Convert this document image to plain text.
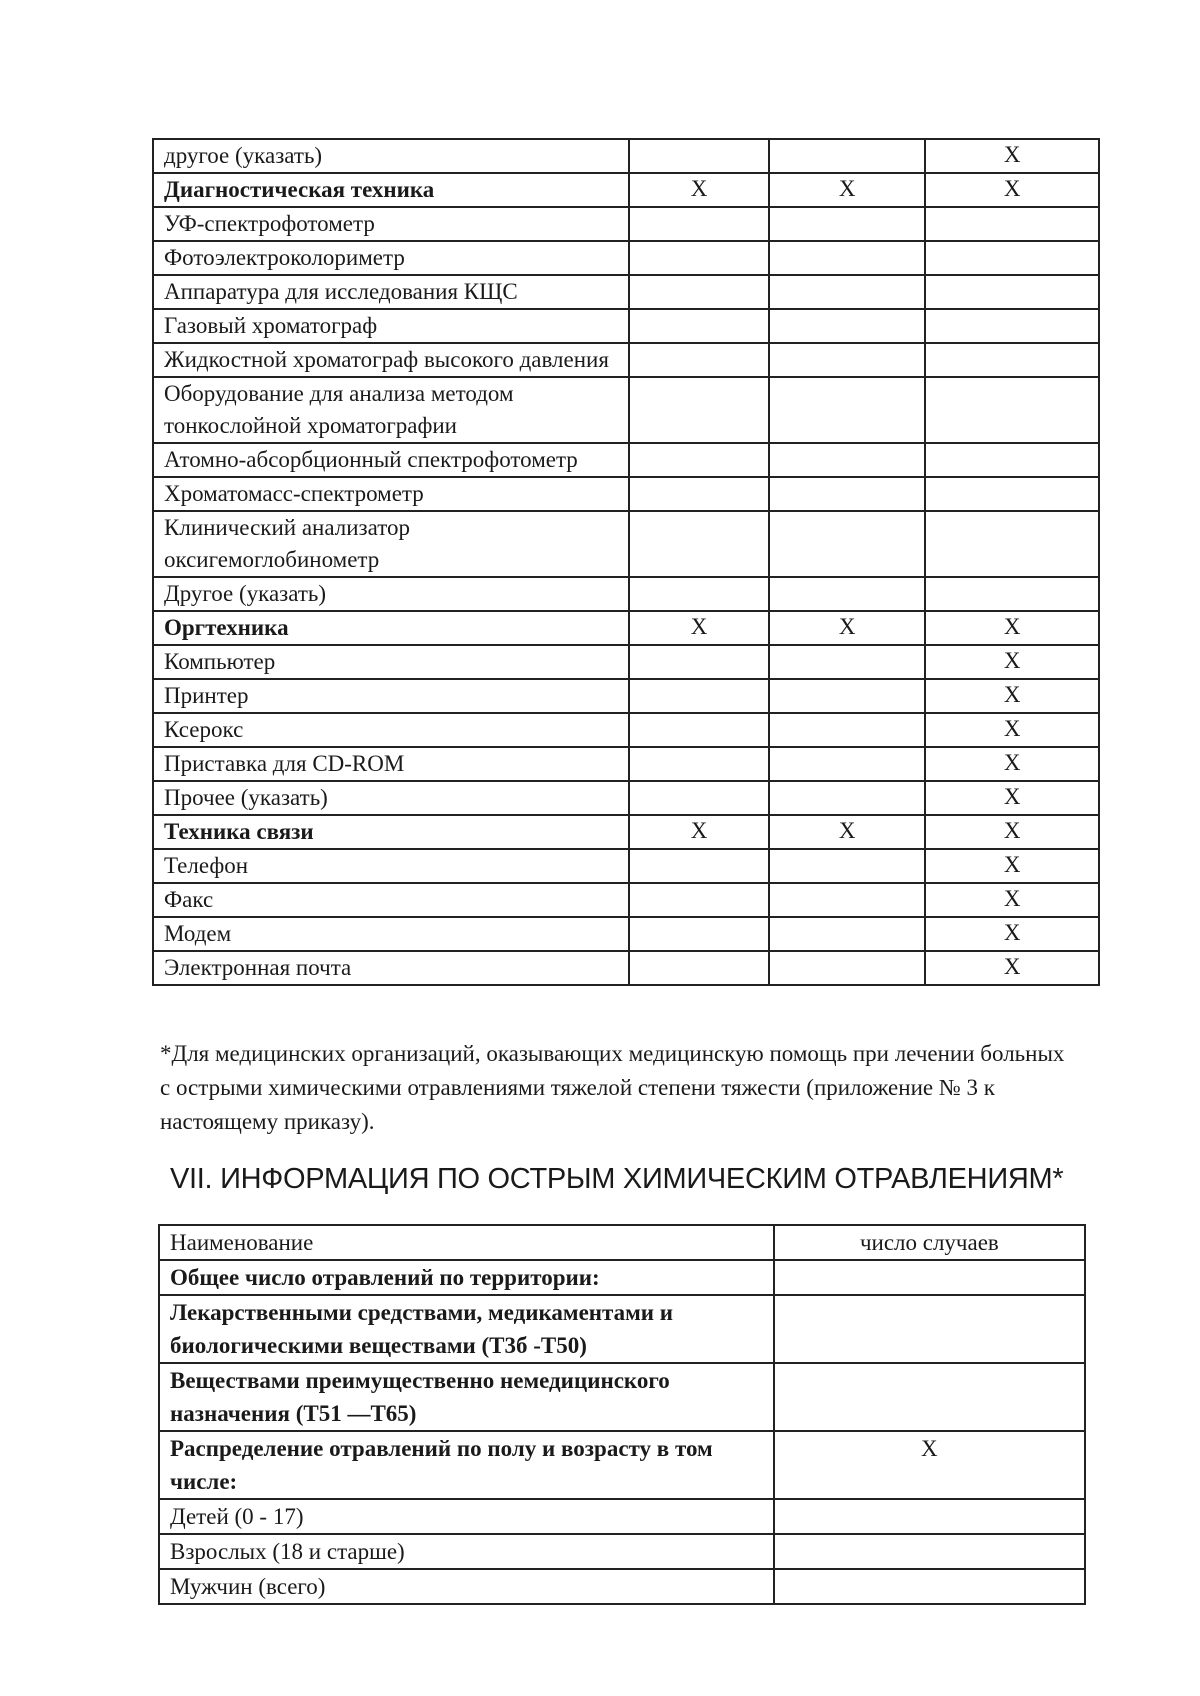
другое (указать)			X
Диагностическая техника	X	X	X
УФ-спектрофотометр			
Фотоэлектроколориметр			
Аппаратура для исследования КЩС			
Газовый хроматограф			
Жидкостной хроматограф высокого давления			
Оборудование для анализа методом тонкослойной хроматографии			
Атомно-абсорбционный спектрофотометр			
Хроматомасс-спектрометр			
Клинический анализатор оксигемоглобинометр			
Другое (указать)			
Оргтехника	X	X	X
Компьютер			X
Принтер			X
Ксерокс			X
Приставка для CD-ROM			X
Прочее (указать)			X
Техника связи	X	X	X
Телефон			X
Факс			X
Модем			X
Электронная почта			X

*Для медицинских организаций, оказывающих медицинскую помощь при лечении больных с острыми химическими отравлениями тяжелой степени тяжести (приложение № 3 к настоящему приказу).

VII. ИНФОРМАЦИЯ ПО ОСТРЫМ ХИМИЧЕСКИМ ОТРАВЛЕНИЯМ*
Наименование	число случаев
Общее число отравлений по территории:	
Лекарственными средствами, медикаментами и биологическими веществами (Т3б -Т50)	
Веществами преимущественно немедицинского назначения (Т51 —Т65)	
Распределение отравлений по полу и возрасту в том числе:	X
Детей (0 - 17)	
Взрослых (18 и старше)	
Мужчин (всего)	
